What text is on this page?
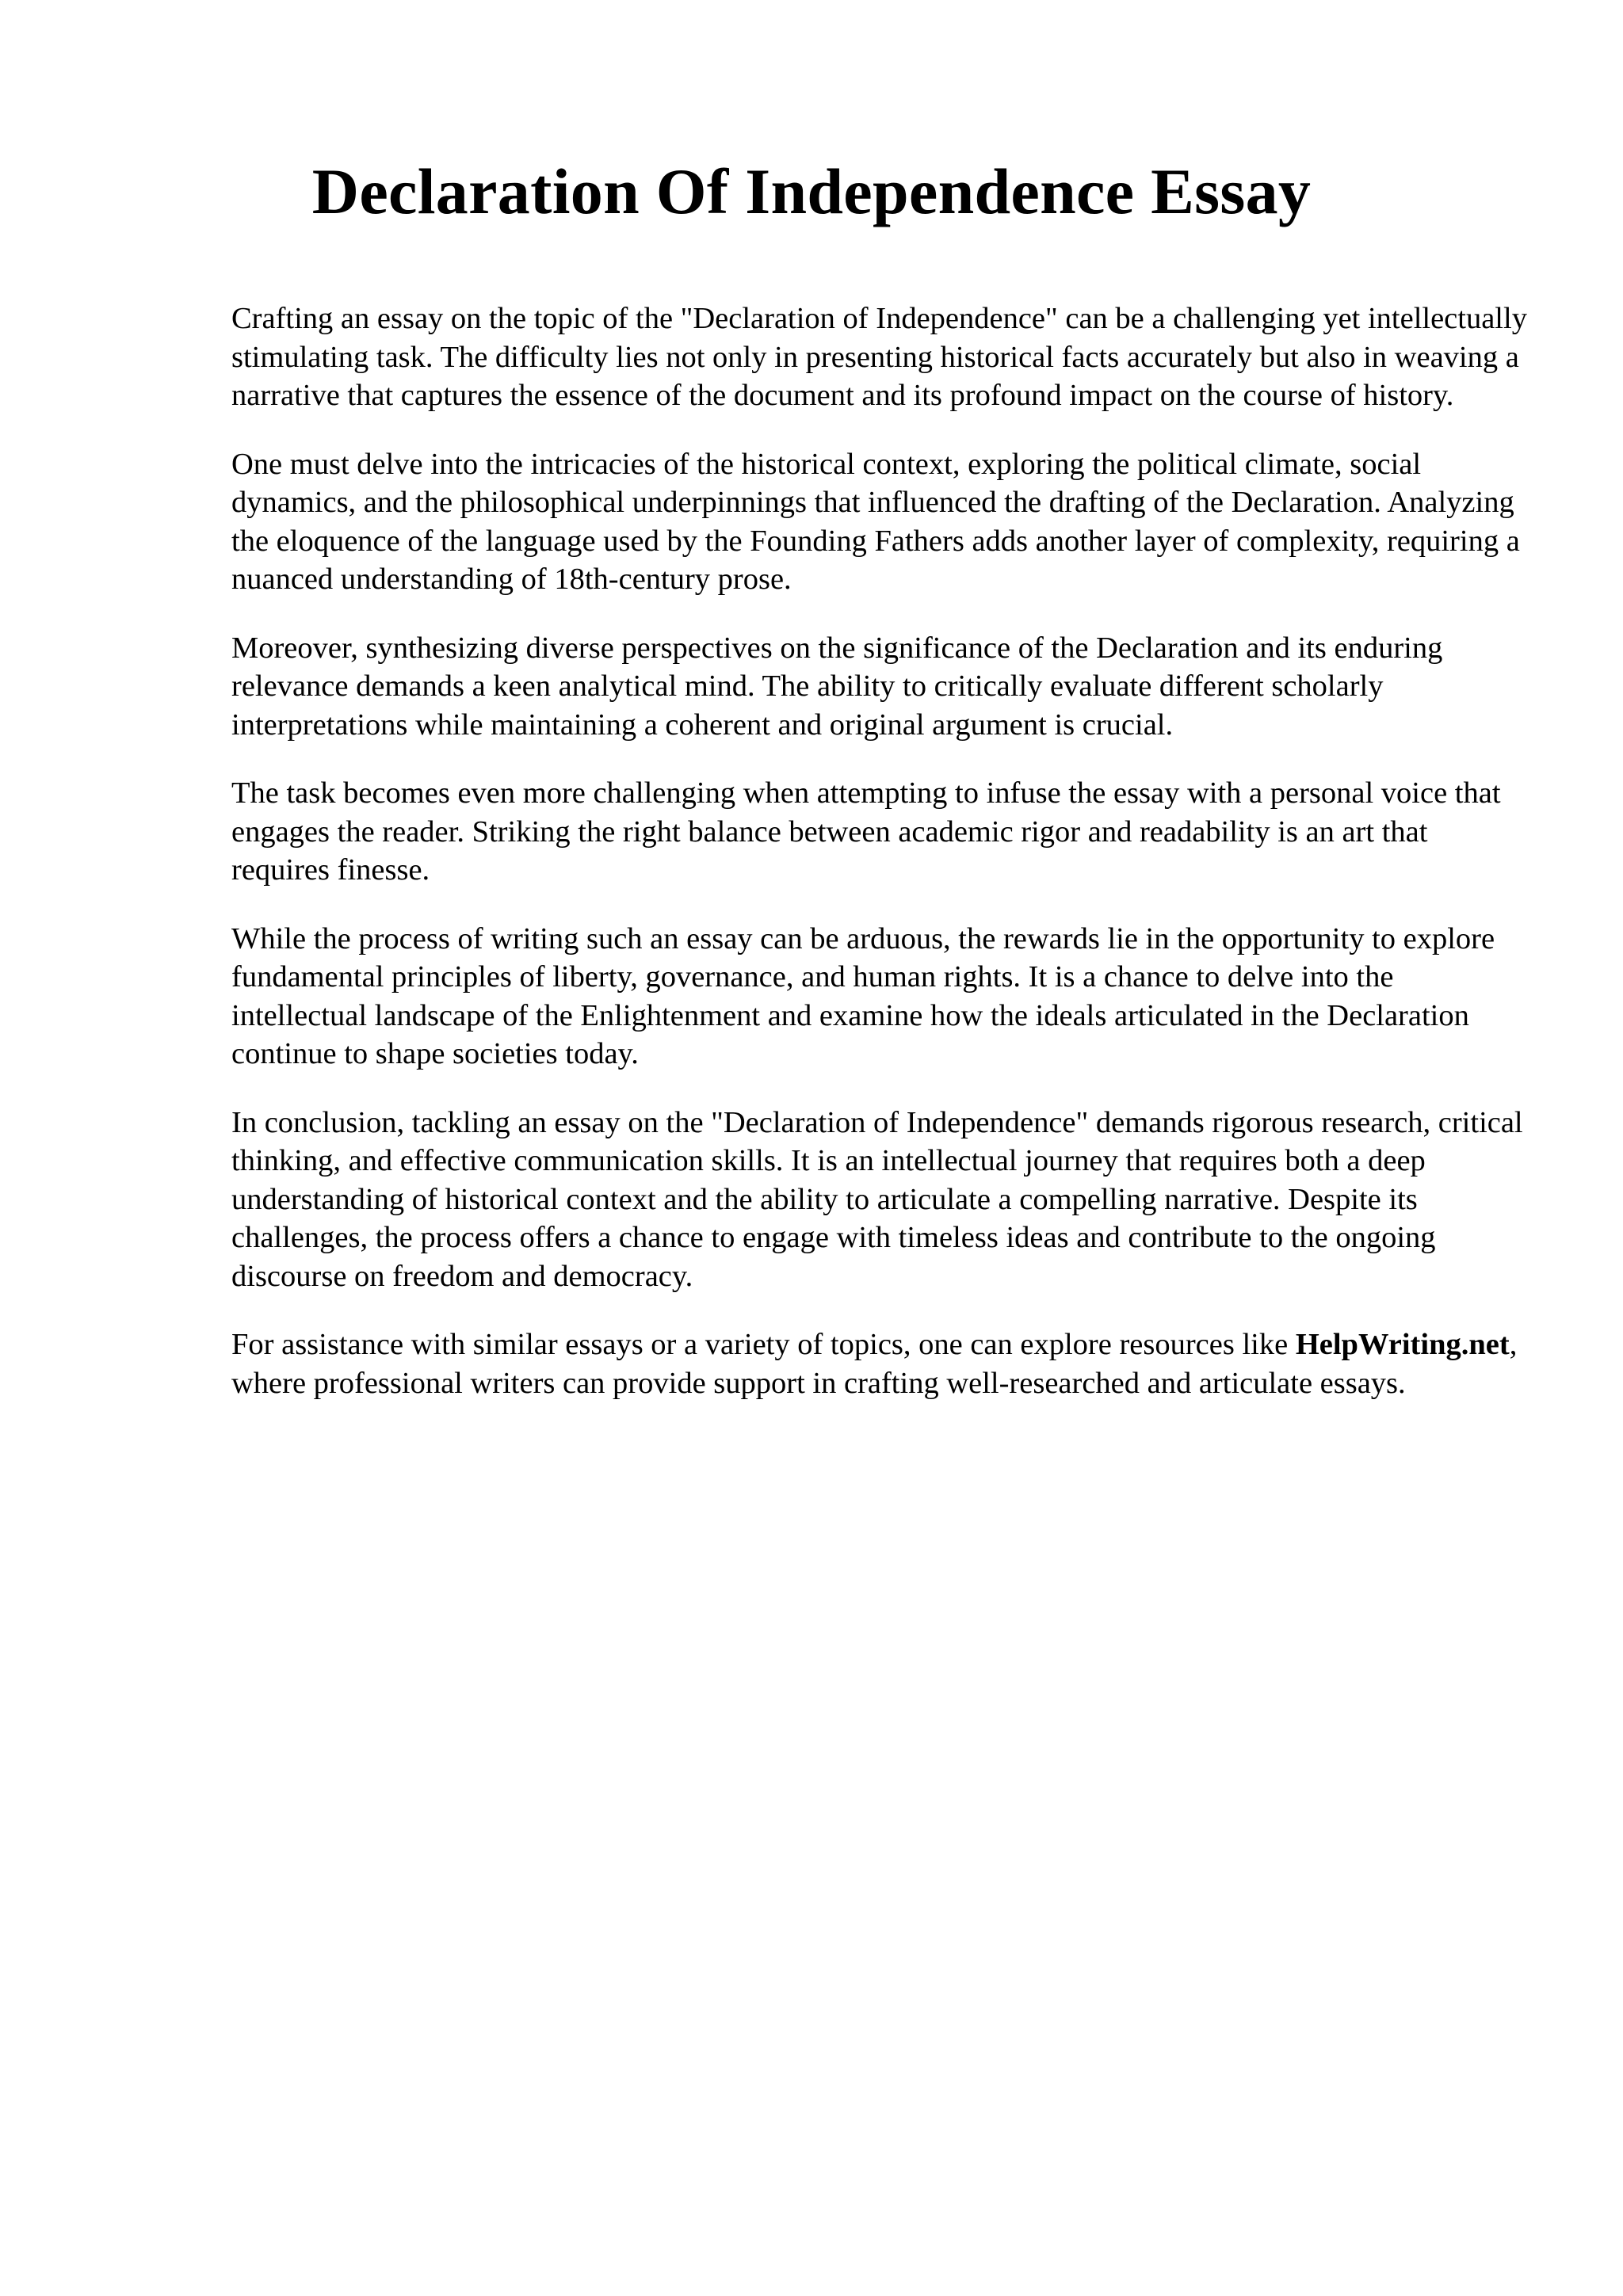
Declaration Of Independence Essay

Crafting an essay on the topic of the "Declaration of Independence" can be a challenging yet intellectually stimulating task. The difficulty lies not only in presenting historical facts accurately but also in weaving a narrative that captures the essence of the document and its profound impact on the course of history.

One must delve into the intricacies of the historical context, exploring the political climate, social dynamics, and the philosophical underpinnings that influenced the drafting of the Declaration. Analyzing the eloquence of the language used by the Founding Fathers adds another layer of complexity, requiring a nuanced understanding of 18th-century prose.

Moreover, synthesizing diverse perspectives on the significance of the Declaration and its enduring relevance demands a keen analytical mind. The ability to critically evaluate different scholarly interpretations while maintaining a coherent and original argument is crucial.

The task becomes even more challenging when attempting to infuse the essay with a personal voice that engages the reader. Striking the right balance between academic rigor and readability is an art that requires finesse.

While the process of writing such an essay can be arduous, the rewards lie in the opportunity to explore fundamental principles of liberty, governance, and human rights. It is a chance to delve into the intellectual landscape of the Enlightenment and examine how the ideals articulated in the Declaration continue to shape societies today.

In conclusion, tackling an essay on the "Declaration of Independence" demands rigorous research, critical thinking, and effective communication skills. It is an intellectual journey that requires both a deep understanding of historical context and the ability to articulate a compelling narrative. Despite its challenges, the process offers a chance to engage with timeless ideas and contribute to the ongoing discourse on freedom and democracy.

For assistance with similar essays or a variety of topics, one can explore resources like HelpWriting.net, where professional writers can provide support in crafting well-researched and articulate essays.
